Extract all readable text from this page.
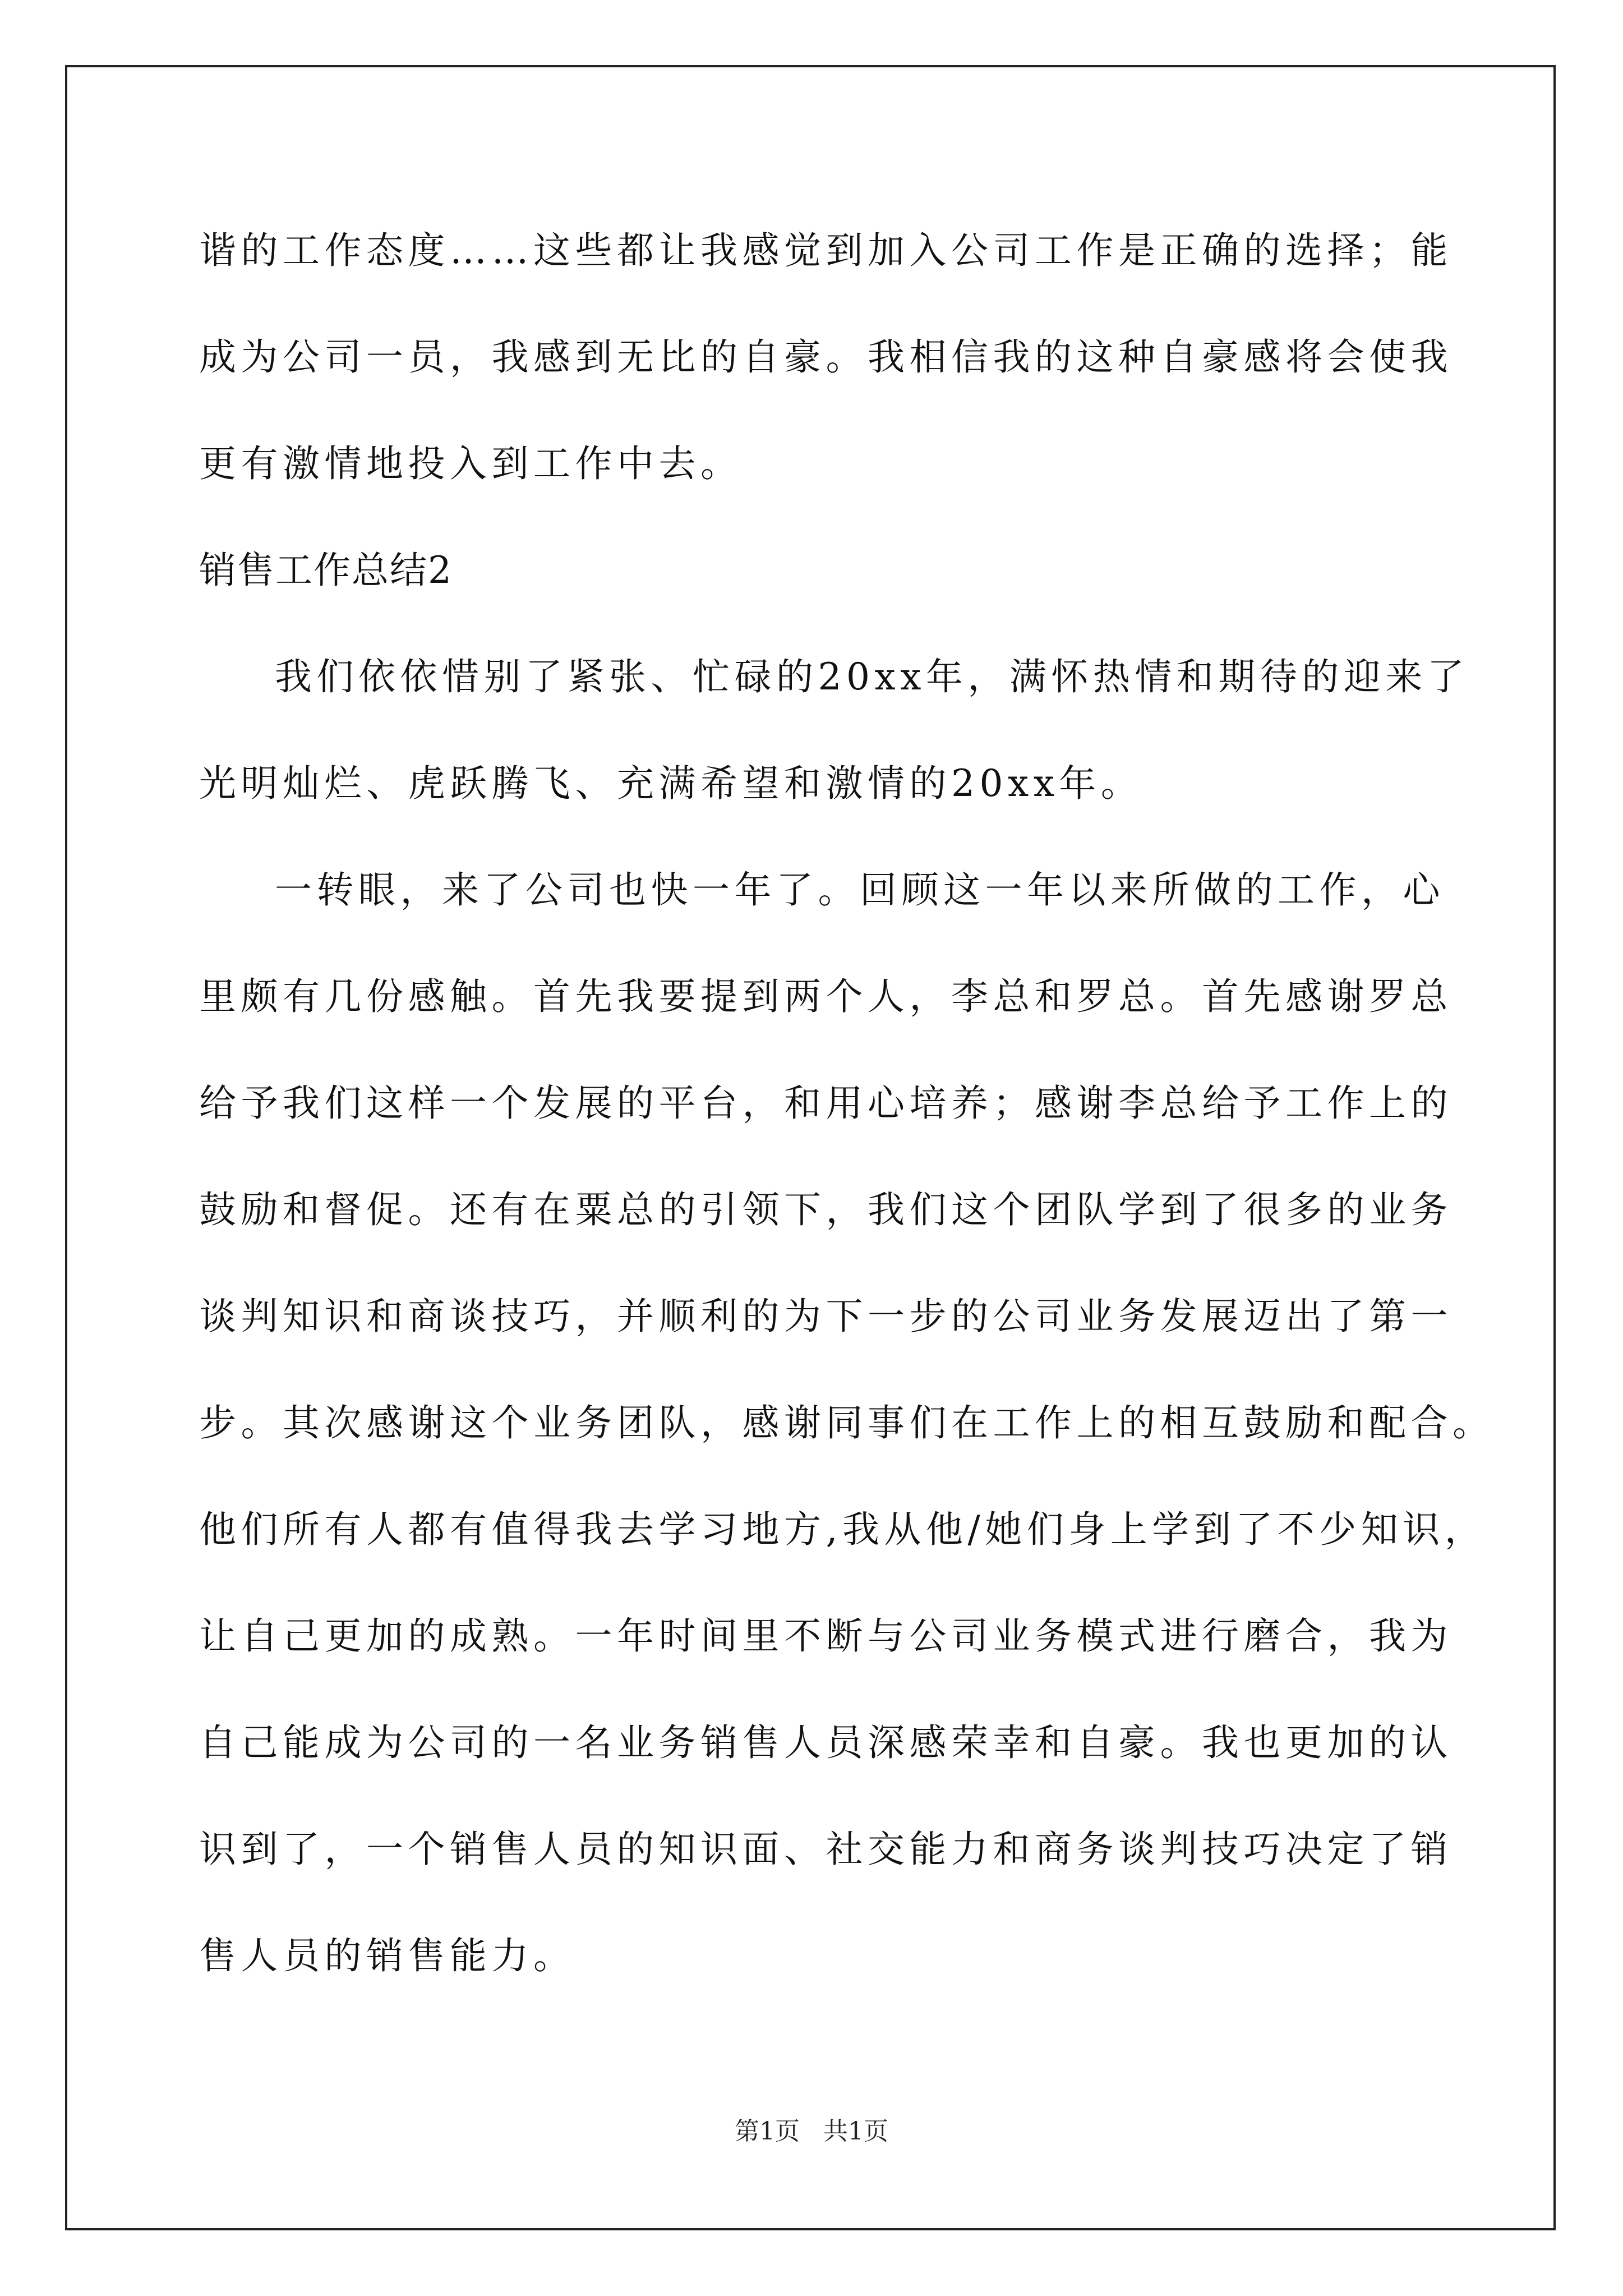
谐的工作态度……这些都让我感觉到加入公司工作是正确的选择；能
成为公司一员，我感到无比的自豪。我相信我的这种自豪感将会使我
更有激情地投入到工作中去。
销售工作总结2
我们依依惜别了紧张、忙碌的20xx年，满怀热情和期待的迎来了
光明灿烂、虎跃腾飞、充满希望和激情的20xx年。
一转眼，来了公司也快一年了。回顾这一年以来所做的工作，心
里颇有几份感触。首先我要提到两个人，李总和罗总。首先感谢罗总
给予我们这样一个发展的平台，和用心培养；感谢李总给予工作上的
鼓励和督促。还有在粟总的引领下，我们这个团队学到了很多的业务
谈判知识和商谈技巧，并顺利的为下一步的公司业务发展迈出了第一
步。其次感谢这个业务团队，感谢同事们在工作上的相互鼓励和配合。
他们所有人都有值得我去学习地方,我从他/她们身上学到了不少知识，
让自己更加的成熟。一年时间里不断与公司业务模式进行磨合，我为
自己能成为公司的一名业务销售人员深感荣幸和自豪。我也更加的认
识到了，一个销售人员的知识面、社交能力和商务谈判技巧决定了销
售人员的销售能力。
第1页   共1页
